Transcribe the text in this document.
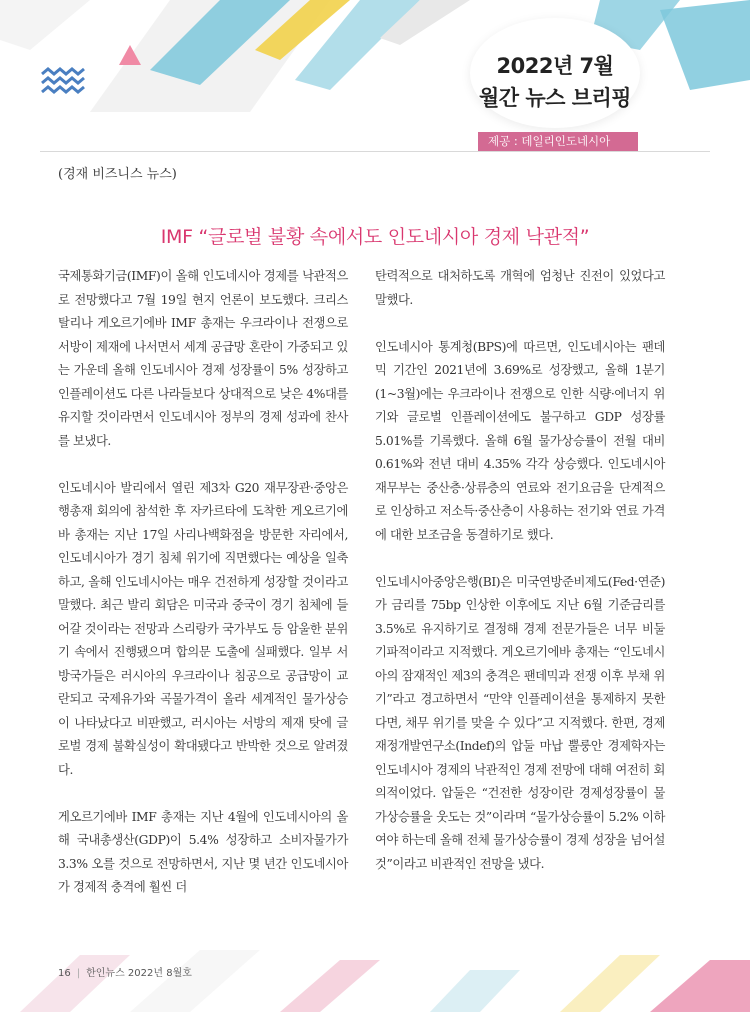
2022년 7월
월간 뉴스 브리핑
제공 : 데일리인도네시아
(경재 비즈니스 뉴스)
IMF “글로벌 불황 속에서도 인도네시아 경제 낙관적”

국제통화기금(IMF)이 올해 인도네시아 경제를 낙관적으로 전망했다고 7월 19일 현지 언론이 보도했다. 크리스탈리나 게오르기에바 IMF 총재는 우크라이나 전쟁으로 서방이 제재에 나서면서 세계 공급망 혼란이 가중되고 있는 가운데 올해 인도네시아 경제 성장률이 5% 성장하고 인플레이션도 다른 나라들보다 상대적으로 낮은 4%대를 유지할 것이라면서 인도네시아 정부의 경제 성과에 찬사를 보냈다.

인도네시아 발리에서 열린 제3차 G20 재무장관·중앙은행총재 회의에 참석한 후 자카르타에 도착한 게오르기에바 총재는 지난 17일 사리나백화점을 방문한 자리에서, 인도네시아가 경기 침체 위기에 직면했다는 예상을 일축하고, 올해 인도네시아는 매우 건전하게 성장할 것이라고 말했다. 최근 발리 회담은 미국과 중국이 경기 침체에 들어갈 것이라는 전망과 스리랑카 국가부도 등 암울한 분위기 속에서 진행됐으며 합의문 도출에 실패했다. 일부 서방국가들은 러시아의 우크라이나 침공으로 공급망이 교란되고 국제유가와 곡물가격이 올라 세계적인 물가상승이 나타났다고 비판했고, 러시아는 서방의 제재 탓에 글로벌 경제 불확실성이 확대됐다고 반박한 것으로 알려졌다.

게오르기에바 IMF 총재는 지난 4월에 인도네시아의 올해 국내총생산(GDP)이 5.4% 성장하고 소비자물가가 3.3% 오를 것으로 전망하면서, 지난 몇 년간 인도네시아가 경제적 충격에 훨씬 더

탄력적으로 대처하도록 개혁에 엄청난 진전이 있었다고 말했다.

인도네시아 통계청(BPS)에 따르면, 인도네시아는 팬데믹 기간인 2021년에 3.69%로 성장했고, 올해 1분기(1~3월)에는 우크라이나 전쟁으로 인한 식량·에너지 위기와 글로벌 인플레이션에도 불구하고 GDP 성장률 5.01%를 기록했다. 올해 6월 물가상승률이 전월 대비 0.61%와 전년 대비 4.35% 각각 상승했다. 인도네시아 재무부는 중산층·상류층의 연료와 전기요금을 단계적으로 인상하고 저소득·중산층이 사용하는 전기와 연료 가격에 대한 보조금을 동결하기로 했다.

인도네시아중앙은행(BI)은 미국연방준비제도(Fed·연준)가 금리를 75bp 인상한 이후에도 지난 6월 기준금리를 3.5%로 유지하기로 결정해 경제 전문가들은 너무 비둘기파적이라고 지적했다. 게오르기에바 총재는 “인도네시아의 잠재적인 제3의 충격은 팬데믹과 전쟁 이후 부채 위기”라고 경고하면서 “만약 인플레이션을 통제하지 못한다면, 채무 위기를 맞을 수 있다”고 지적했다. 한편, 경제재정개발연구소(Indef)의 압둘 마납 뿔룽안 경제학자는 인도네시아 경제의 낙관적인 경제 전망에 대해 여전히 회의적이었다. 압둘은 “건전한 성장이란 경제성장률이 물가상승률을 웃도는 것”이라며 “물가상승률이 5.2% 이하여야 하는데 올해 전체 물가상승률이 경제 성장을 넘어설 것”이라고 비관적인 전망을 냈다.

16 | 한인뉴스 2022년 8월호
